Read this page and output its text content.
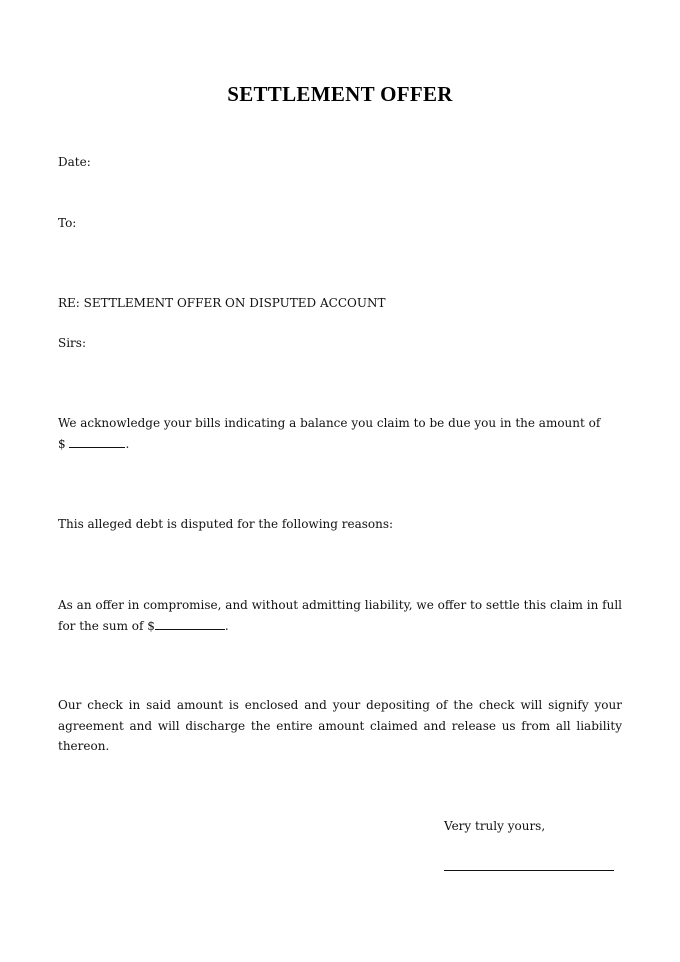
SETTLEMENT OFFER
Date:
To:
RE: SETTLEMENT OFFER ON DISPUTED ACCOUNT
Sirs:
We acknowledge your bills indicating a balance you claim to be due you in the amount of
$	.
This alleged debt is disputed for the following reasons:
As an offer in compromise, and without admitting liability, we offer to settle this claim in full for the sum of $	.
Our check in said amount is enclosed and your depositing of the check will signify your agreement and will discharge the entire amount claimed and release us from all liability thereon.
Very truly yours,
